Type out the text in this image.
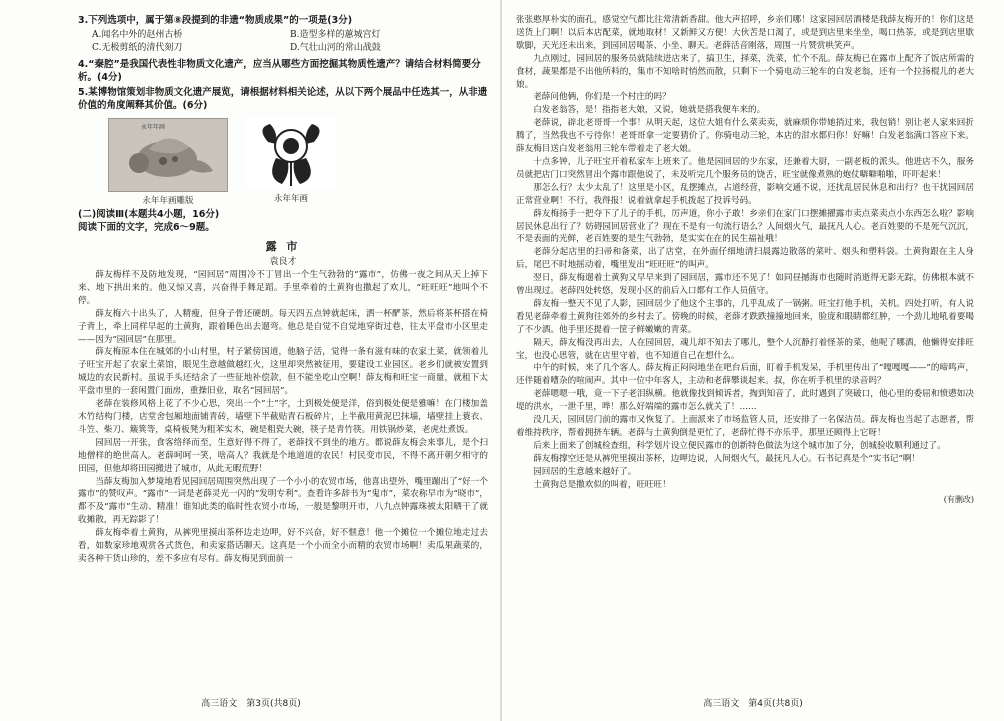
3.下列选项中，属于第⑧段提到的非遗“物质成果”的一项是(3分)

A.闻名中外的赵州古桥	B.造型多样的蕙城宫灯
C.无极剪纸的清代刻刀	D.气壮山河的常山战鼓

4.“秦腔”是我国代表性非物质文化遗产，应当从哪些方面挖掘其物质性遗产？请结合材料简要分析。(4分)

5.某博物馆策划非物质文化遗产展览，请根据材料相关论述，从以下两个展品中任选其一，从非遗价值的角度阐释其价值。(6分)

永年年画
永年年画雕版	永年年画
(二)阅读Ⅲ(本题共4小题，16分)
阅读下面的文字，完成6～9题。
露 市
袁良才

薛友梅样不及防地发现，“园回居”周围冷不丁冒出一个生气勃勃的“露市”，仿佛一夜之间从天上掉下来、地下拱出来的。他又惊又喜，兴奋得手舞足蹈。手里牵着的土黄狗也撒起了欢儿，“旺旺旺”地叫个不停。

薛友梅六十出头了，人精瘦，但身子骨还硬朗。每天四五点钟就起床，洒一杯酽茶，然后将茶杯搭在椅子背上，牵上同样早起的土黄狗，跟着睡色出去遛弯。他总是自觉不自觉地穿街过巷，往太平盘市小区里走——因为“园回居”在那里。

薛友梅原本住在城郊的小山村里，村子紧傍国道，他脑子活，觉得一条有滋有味的农家土菜，就领着儿子旺宝开起了农家土菜馆，眼见生意越做越红火，这里却突然被征用，要建设工业园区。老乡们就被安置到城边的农民新村。虽说手头还结余了一些征地补偿款，但不能坐吃山空啊！薛友梅和旺宝一商量，就租下太平盘市里的一套闲置门面房，重操旧业，取名“园回居”。

老薛在装修风格上花了不少心思，突出一个“土”字，土到极处便是洋，俗到极处便是雅嘛！在门楼加盖木竹结构门楼，店堂舍包厢地面铺青砖，墙壁下半截贴青石板碎片，上半截用黄泥巴抹墙，墙壁挂上蓑衣、斗笠、柴刀、簸箕等，桌椅板凳为粗苯实木，碗是粗瓷大碗，筷子是青竹筷。用铁锅炒菜，老虎灶煮饭。

园回居一开张，食客络绎而至，生意好得不得了，老薛找不到坐的地方。都说薛友梅会来事儿，是个扫地僧样的绝世高人。老薛呵呵一笑，啥高人？我就是个地道道的农民！村民变市民，不得不离开朝夕相守的田园，但他却将田园搬进了城市，从此无暇荒野！

当薛友梅加入梦境地看见园回居周围突然出现了一个小小的农贸市场，他喜出望外，嘴里蹦出了“好一个露市”的赞叹声。“露市”一词是老薛灵光一闪的“发明专利”。查看许多辞书为“鬼市”，菜农称早市为“晓市”，都不及“露市”生动、精准！谁知此类的临时性农贸小市场，一般是黎明开市，八九点钟露珠被太阳晒干了就收摊散，再无踪影了！

薛友梅牵着土黄狗，从裤兜里摸出茶杯边走边呷，好不兴奋，好不惬意！他一个摊位一个摊位地走过去看，如数家珍地观赏各式货色，和卖家搭话聊天。这真是一个小而全小而精的农贸市场啊！卖瓜果蔬菜的，卖各种干货山珍的，差不多应有尽有。薛友梅见到面前一

高三语文　第3页(共8页)

张张憨厚朴实的面孔，感觉空气都比往常清新香甜。他大声招呼，乡亲们哪！这家园回居酒楼是我薛友梅开的！你们这是送货上门啊！以后本店配菜，就地取材！又新鲜又方便！大伙苦是口渴了，或是到店里来坐坐，喝口热茶，或是到店里歇歇脚，天光还未出来，到园回居喝茶、小坐、聊天。老薛活音刚落，周围一片赞赏哄笑声。

九点刚过，园回居的服务员就陆续进店来了，搞卫生，择菜，洗菜，忙个不乱。薛友梅已在露市上配齐了饭店所需的食材，蔬果都是不出他所料的，集市不知啥时悄然而散，只剩下一个骑电动三轮车的白发老翁，还有一个拉扬棍儿的老大娘。

老薛问他俩，你们是一个村庄的吗？

白发老翁答，是！指指老大娘，又说，她就是搭我便车来的。

老薛说，辟北老哥哥一个事！从明天起，这位大姐有什么菜卖卖，就麻烦你带她捎过来，我包销！别让老人家来回折腾了，当然我也不亏待你！老哥哥拿一定要猜价了。你骑电动三轮，本店的泔水都归你！好嘛！白发老翁满口答应下来。薛友梅目送白发老翁用三轮车带着走了老大娘。

十点多钟，儿子旺宝开着私家车上班来了。他是园回居的少东家，还兼着大厨，一副老板的派头。他进店不久，服务员就把店门口突然冒出个露市跟他说了，未及听完几个服务员的饶舌，旺宝就像煮熟的炮仗噼噼啪啪，吓吓起来！

那怎么行？太少太乱了！这里是小区，乱摆摊点，占道经营，影响交通不说，还扰乱居民休息和出行？也干扰园回居正常营业啊！不行，我得报！说着就拿起手机拨起了投诉号码。

薛友梅扬手一把夺下了儿子的手机，厉声道，你小子敢！乡亲们在家门口摆摊擢露市卖点菜卖点小东西怎么啦？影响居民休息出行了？妨碍园回居营业了？现在不是有一句流行语么？人间烟火气，最抚凡人心。老百姓要的不是死气沉沉，不是表面的光鲜，老百姓要的是生气勃勃，是实实在在的民生福祉哦！

老薛分起店里的扫帚和备菜，出了店堂，在外面仔细地清扫晨露边散落的菜叶、烟头和塑料袋。土黄狗跟在主人身后，尾巴不时地摇动着，嘴里发出“旺旺旺”的叫声。

翌日，薛友梅遛着土黄狗又早早来到了园回居，露市还不见了！如同昼撼海市也随时消逝得无影无踪，仿佛根本就不曾出现过。老薛四处转悠，发现小区的前后入口都有工作人员值守。

薛友梅一整天不见了人影，园回居少了他这个主事的，几乎乱成了一锅粥。旺宝打他手机，关机。四处打听，有人说看见老薛牵着土黄狗往郊外的乡村去了。傍晚的时候，老薛才跌跌撞撞地回来，脸庞和眼睛都红肿，一个劲儿地吼着要喝了不少酒。他手里还提着一筐子鲜嫩嫩的青菜。

隔天，薛友梅没再出去，人在园回居，魂儿却不知去了哪儿，整个人沉静打着怪茶的菜，他呢了哪酒，他懒得安排旺宝，也没心思管，就在店里守着，也不知道自己在想什么。

中午的时候，来了几个客人。薛友梅正闷闷地坐在吧台后面，盯着手机发呆，手机里传出了“嘎嘎嘎——”的啼鸣声，还伴随着嘈杂的喧闹声。其中一位中年客人，主动和老薛攀谈起来。叔，你在听手机里的录音吗？

老薛嗯嗯一哦，竟一下子老泪纵横。他就像找到倾诉者，掏到知音了，此时遇到了突破口，他心里的委屈和愤懑如决堤的洪水，一泄千里，哗！那么好端端的露市怎么就关了！……

没几天，园回居门前的露市又恢复了。上面派来了市场监管人员，还安排了一名保洁员。薛友梅也当起了志愿者，帮着维持秩序，帮着拥挤车辆。老薛与土黄狗倒是更忙了，老薛忙得不亦乐乎，那里还顾得上它呀！

后来上面来了创城检查组，科学划片设立便民露市的创新特色做法为这个城市加了分，创城验收顺利通过了。

薛友梅撑空还是从裤兜里摸出茶杯，边呷边说，人间烟火气，最抚凡人心。石书记真是个“实书记”啊！

园回居的生意越来越好了。

土黄狗总是撒欢似的叫着，旺旺旺！

(有删改)
高三语文　第4页(共8页)
